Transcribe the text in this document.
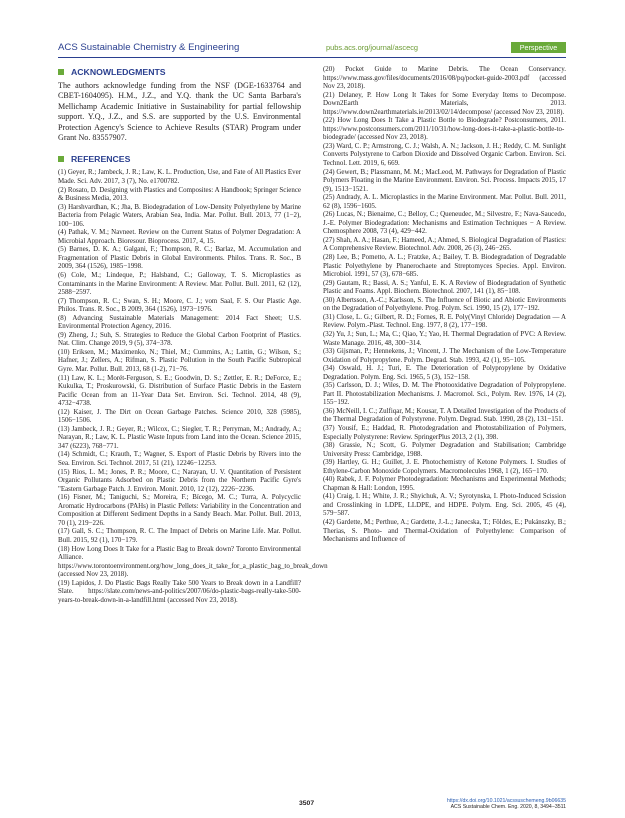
ACS Sustainable Chemistry & Engineering	pubs.acs.org/journal/ascecg	Perspective
ACKNOWLEDGMENTS

The authors acknowledge funding from the NSF (DGE-1633764 and CBET-1604095). H.M., J.Z., and Y.Q. thank the UC Santa Barbara's Mellichamp Academic Initiative in Sustainability for partial fellowship support. Y.Q., J.Z., and S.S. are supported by the U.S. Environmental Protection Agency's Science to Achieve Results (STAR) Program under Grant No. 83557907.

REFERENCES

(1) Geyer, R.; Jambeck, J. R.; Law, K. L. Production, Use, and Fate of All Plastics Ever Made. Sci. Adv. 2017, 3 (7), No. e1700782.

(2) Rosato, D. Designing with Plastics and Composites: A Handbook; Springer Science & Business Media, 2013.

(3) Harshvardhan, K.; Jha, B. Biodegradation of Low-Density Polyethylene by Marine Bacteria from Pelagic Waters, Arabian Sea, India. Mar. Pollut. Bull. 2013, 77 (1−2), 100−106.

(4) Pathak, V. M.; Navneet. Review on the Current Status of Polymer Degradation: A Microbial Approach. Bioresour. Bioprocess. 2017, 4, 15.

(5) Barnes, D. K. A.; Galgani, F.; Thompson, R. C.; Barlaz, M. Accumulation and Fragmentation of Plastic Debris in Global Environments. Philos. Trans. R. Soc., B 2009, 364 (1526), 1985−1998.

(6) Cole, M.; Lindeque, P.; Halsband, C.; Galloway, T. S. Microplastics as Contaminants in the Marine Environment: A Review. Mar. Pollut. Bull. 2011, 62 (12), 2588−2597.

(7) Thompson, R. C.; Swan, S. H.; Moore, C. J.; vom Saal, F. S. Our Plastic Age. Philos. Trans. R. Soc., B 2009, 364 (1526), 1973−1976.

(8) Advancing Sustainable Materials Management: 2014 Fact Sheet; U.S. Environmental Protection Agency, 2016.

(9) Zheng, J.; Suh, S. Strategies to Reduce the Global Carbon Footprint of Plastics. Nat. Clim. Change 2019, 9 (5), 374−378.

(10) Eriksen, M.; Maximenko, N.; Thiel, M.; Cummins, A.; Lattin, G.; Wilson, S.; Hafner, J.; Zellers, A.; Rifman, S. Plastic Pollution in the South Pacific Subtropical Gyre. Mar. Pollut. Bull. 2013, 68 (1-2), 71−76.

(11) Law, K. L.; Morét-Ferguson, S. E.; Goodwin, D. S.; Zettler, E. R.; DeForce, E.; Kukulka, T.; Proskurowski, G. Distribution of Surface Plastic Debris in the Eastern Pacific Ocean from an 11-Year Data Set. Environ. Sci. Technol. 2014, 48 (9), 4732−4738.

(12) Kaiser, J. The Dirt on Ocean Garbage Patches. Science 2010, 328 (5985), 1506−1506.

(13) Jambeck, J. R.; Geyer, R.; Wilcox, C.; Siegler, T. R.; Perryman, M.; Andrady, A.; Narayan, R.; Law, K. L. Plastic Waste Inputs from Land into the Ocean. Science 2015, 347 (6223), 768−771.

(14) Schmidt, C.; Krauth, T.; Wagner, S. Export of Plastic Debris by Rivers into the Sea. Environ. Sci. Technol. 2017, 51 (21), 12246−12253.

(15) Rios, L. M.; Jones, P. R.; Moore, C.; Narayan, U. V. Quantitation of Persistent Organic Pollutants Adsorbed on Plastic Debris from the Northern Pacific Gyre's "Eastern Garbage Patch. J. Environ. Monit. 2010, 12 (12), 2226−2236.

(16) Fisner, M.; Taniguchi, S.; Moreira, F.; Bícego, M. C.; Turra, A. Polycyclic Aromatic Hydrocarbons (PAHs) in Plastic Pellets: Variability in the Concentration and Composition at Different Sediment Depths in a Sandy Beach. Mar. Pollut. Bull. 2013, 70 (1), 219−226.

(17) Gall, S. C.; Thompson, R. C. The Impact of Debris on Marine Life. Mar. Pollut. Bull. 2015, 92 (1), 170−179.

(18) How Long Does It Take for a Plastic Bag to Break down? Toronto Environmental Alliance. https://www.torontoenvironment.org/how_long_does_it_take_for_a_plastic_bag_to_break_down (accessed Nov 23, 2018).

(19) Lapidos, J. Do Plastic Bags Really Take 500 Years to Break down in a Landfill? Slate. https://slate.com/news-and-politics/2007/06/do-plastic-bags-really-take-500-years-to-break-down-in-a-landfill.html (accessed Nov 23, 2018).

(20) Pocket Guide to Marine Debris. The Ocean Conservancy. https://www.mass.gov/files/documents/2016/08/pq/pocket-guide-2003.pdf (accessed Nov 23, 2018).

(21) Delaney, P. How Long It Takes for Some Everyday Items to Decompose. Down2Earth Materials, 2013. https://www.down2earthmaterials.ie/2013/02/14/decompose/ (accessed Nov 23, 2018).

(22) How Long Does It Take a Plastic Bottle to Biodegrade? Postconsumers, 2011. https://www.postconsumers.com/2011/10/31/how-long-does-it-take-a-plastic-bottle-to-biodegrade/ (accessed Nov 23, 2018).

(23) Ward, C. P.; Armstrong, C. J.; Walsh, A. N.; Jackson, J. H.; Reddy, C. M. Sunlight Converts Polystyrene to Carbon Dioxide and Dissolved Organic Carbon. Environ. Sci. Technol. Lett. 2019, 6, 669.

(24) Gewert, B.; Plassmann, M. M.; MacLeod, M. Pathways for Degradation of Plastic Polymers Floating in the Marine Environment. Environ. Sci. Process. Impacts 2015, 17 (9), 1513−1521.

(25) Andrady, A. L. Microplastics in the Marine Environment. Mar. Pollut. Bull. 2011, 62 (8), 1596−1605.

(26) Lucas, N.; Bienaime, C.; Belloy, C.; Queneudec, M.; Silvestre, F.; Nava-Saucedo, J.-E. Polymer Biodegradation: Mechanisms and Estimation Techniques − A Review. Chemosphere 2008, 73 (4), 429−442.

(27) Shah, A. A.; Hasan, F.; Hameed, A.; Ahmed, S. Biological Degradation of Plastics: A Comprehensive Review. Biotechnol. Adv. 2008, 26 (3), 246−265.

(28) Lee, B.; Pometto, A. L.; Fratzke, A.; Bailey, T. B. Biodegradation of Degradable Plastic Polyethylene by Phanerochaete and Streptomyces Species. Appl. Environ. Microbiol. 1991, 57 (3), 678−685.

(29) Gautam, R.; Bassi, A. S.; Yanful, E. K. A Review of Biodegradation of Synthetic Plastic and Foams. Appl. Biochem. Biotechnol. 2007, 141 (1), 85−108.

(30) Albertsson, A.-C.; Karlsson, S. The Influence of Biotic and Abiotic Environments on the Degradation of Polyethylene. Prog. Polym. Sci. 1990, 15 (2), 177−192.

(31) Close, L. G.; Gilbert, R. D.; Fornes, R. E. Poly(Vinyl Chloride) Degradation — A Review. Polym.-Plast. Technol. Eng. 1977, 8 (2), 177−198.

(32) Yu, J.; Sun, L.; Ma, C.; Qiao, Y.; Yao, H. Thermal Degradation of PVC: A Review. Waste Manage. 2016, 48, 300−314.

(33) Gijsman, P.; Hennekens, J.; Vincent, J. The Mechanism of the Low-Temperature Oxidation of Polypropylene. Polym. Degrad. Stab. 1993, 42 (1), 95−105.

(34) Oswald, H. J.; Turi, E. The Deterioration of Polypropylene by Oxidative Degradation. Polym. Eng. Sci. 1965, 5 (3), 152−158.

(35) Carlsson, D. J.; Wiles, D. M. The Photooxidative Degradation of Polypropylene. Part II. Photostabilization Mechanisms. J. Macromol. Sci., Polym. Rev. 1976, 14 (2), 155−192.

(36) McNeill, I. C.; Zulfiqar, M.; Kousar, T. A Detailed Investigation of the Products of the Thermal Degradation of Polystyrene. Polym. Degrad. Stab. 1990, 28 (2), 131−151.

(37) Yousif, E.; Haddad, R. Photodegradation and Photostabilization of Polymers, Especially Polystyrene: Review. SpringerPlus 2013, 2 (1), 398.

(38) Grassie, N.; Scott, G. Polymer Degradation and Stabilisation; Cambridge University Press: Cambridge, 1988.

(39) Hartley, G. H.; Guillet, J. E. Photochemistry of Ketone Polymers. I. Studies of Ethylene-Carbon Monoxide Copolymers. Macromolecules 1968, 1 (2), 165−170.

(40) Rabek, J. F. Polymer Photodegradation: Mechanisms and Experimental Methods; Chapman & Hall: London, 1995.

(41) Craig, I. H.; White, J. R.; Shyichuk, A. V.; Syrotynska, I. Photo-Induced Scission and Crosslinking in LDPE, LLDPE, and HDPE. Polym. Eng. Sci. 2005, 45 (4), 579−587.

(42) Gardette, M.; Perthue, A.; Gardette, J.-L.; Janecska, T.; Földes, E.; Pukánszky, B.; Therias, S. Photo- and Thermal-Oxidation of Polyethylene: Comparison of Mechanisms and Influence of

3507	https://dx.doi.org/10.1021/acssuschemeng.9b06635
ACS Sustainable Chem. Eng. 2020, 8, 3494−3511
